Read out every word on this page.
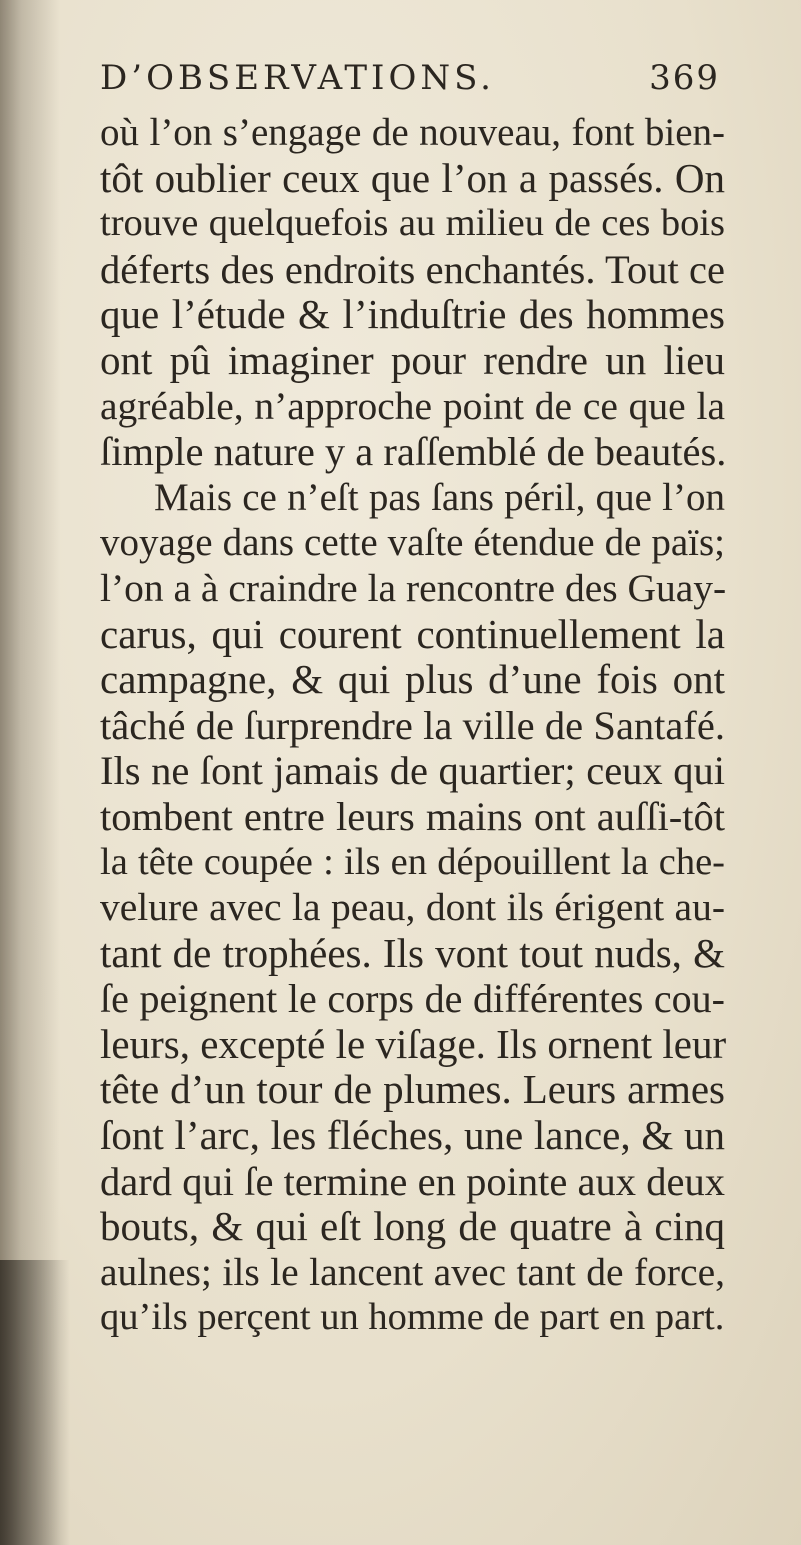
D’OBSERVATIONS.	369
où l’on s’engage de nouveau, font bien-
tôt oublier ceux que l’on a passés. On
trouve quelquefois au milieu de ces bois
déferts des endroits enchantés. Tout ce
que l’étude & l’induſtrie des hommes
ont pû imaginer pour rendre un lieu
agréable, n’approche point de ce que la
ſimple nature y a raſſemblé de beautés.
Mais ce n’eſt pas ſans péril, que l’on
voyage dans cette vaſte étendue de païs;
l’on a à craindre la rencontre des Guay-
carus, qui courent continuellement la
campagne, & qui plus d’une fois ont
tâché de ſurprendre la ville de Santafé.
Ils ne ſont jamais de quartier; ceux qui
tombent entre leurs mains ont auſſi-tôt
la tête coupée : ils en dépouillent la che-
velure avec la peau, dont ils érigent au-
tant de trophées. Ils vont tout nuds, &
ſe peignent le corps de différentes cou-
leurs, excepté le viſage. Ils ornent leur
tête d’un tour de plumes. Leurs armes
ſont l’arc, les fléches, une lance, & un
dard qui ſe termine en pointe aux deux
bouts, & qui eſt long de quatre à cinq
aulnes; ils le lancent avec tant de force,
qu’ils perçent un homme de part en part.
